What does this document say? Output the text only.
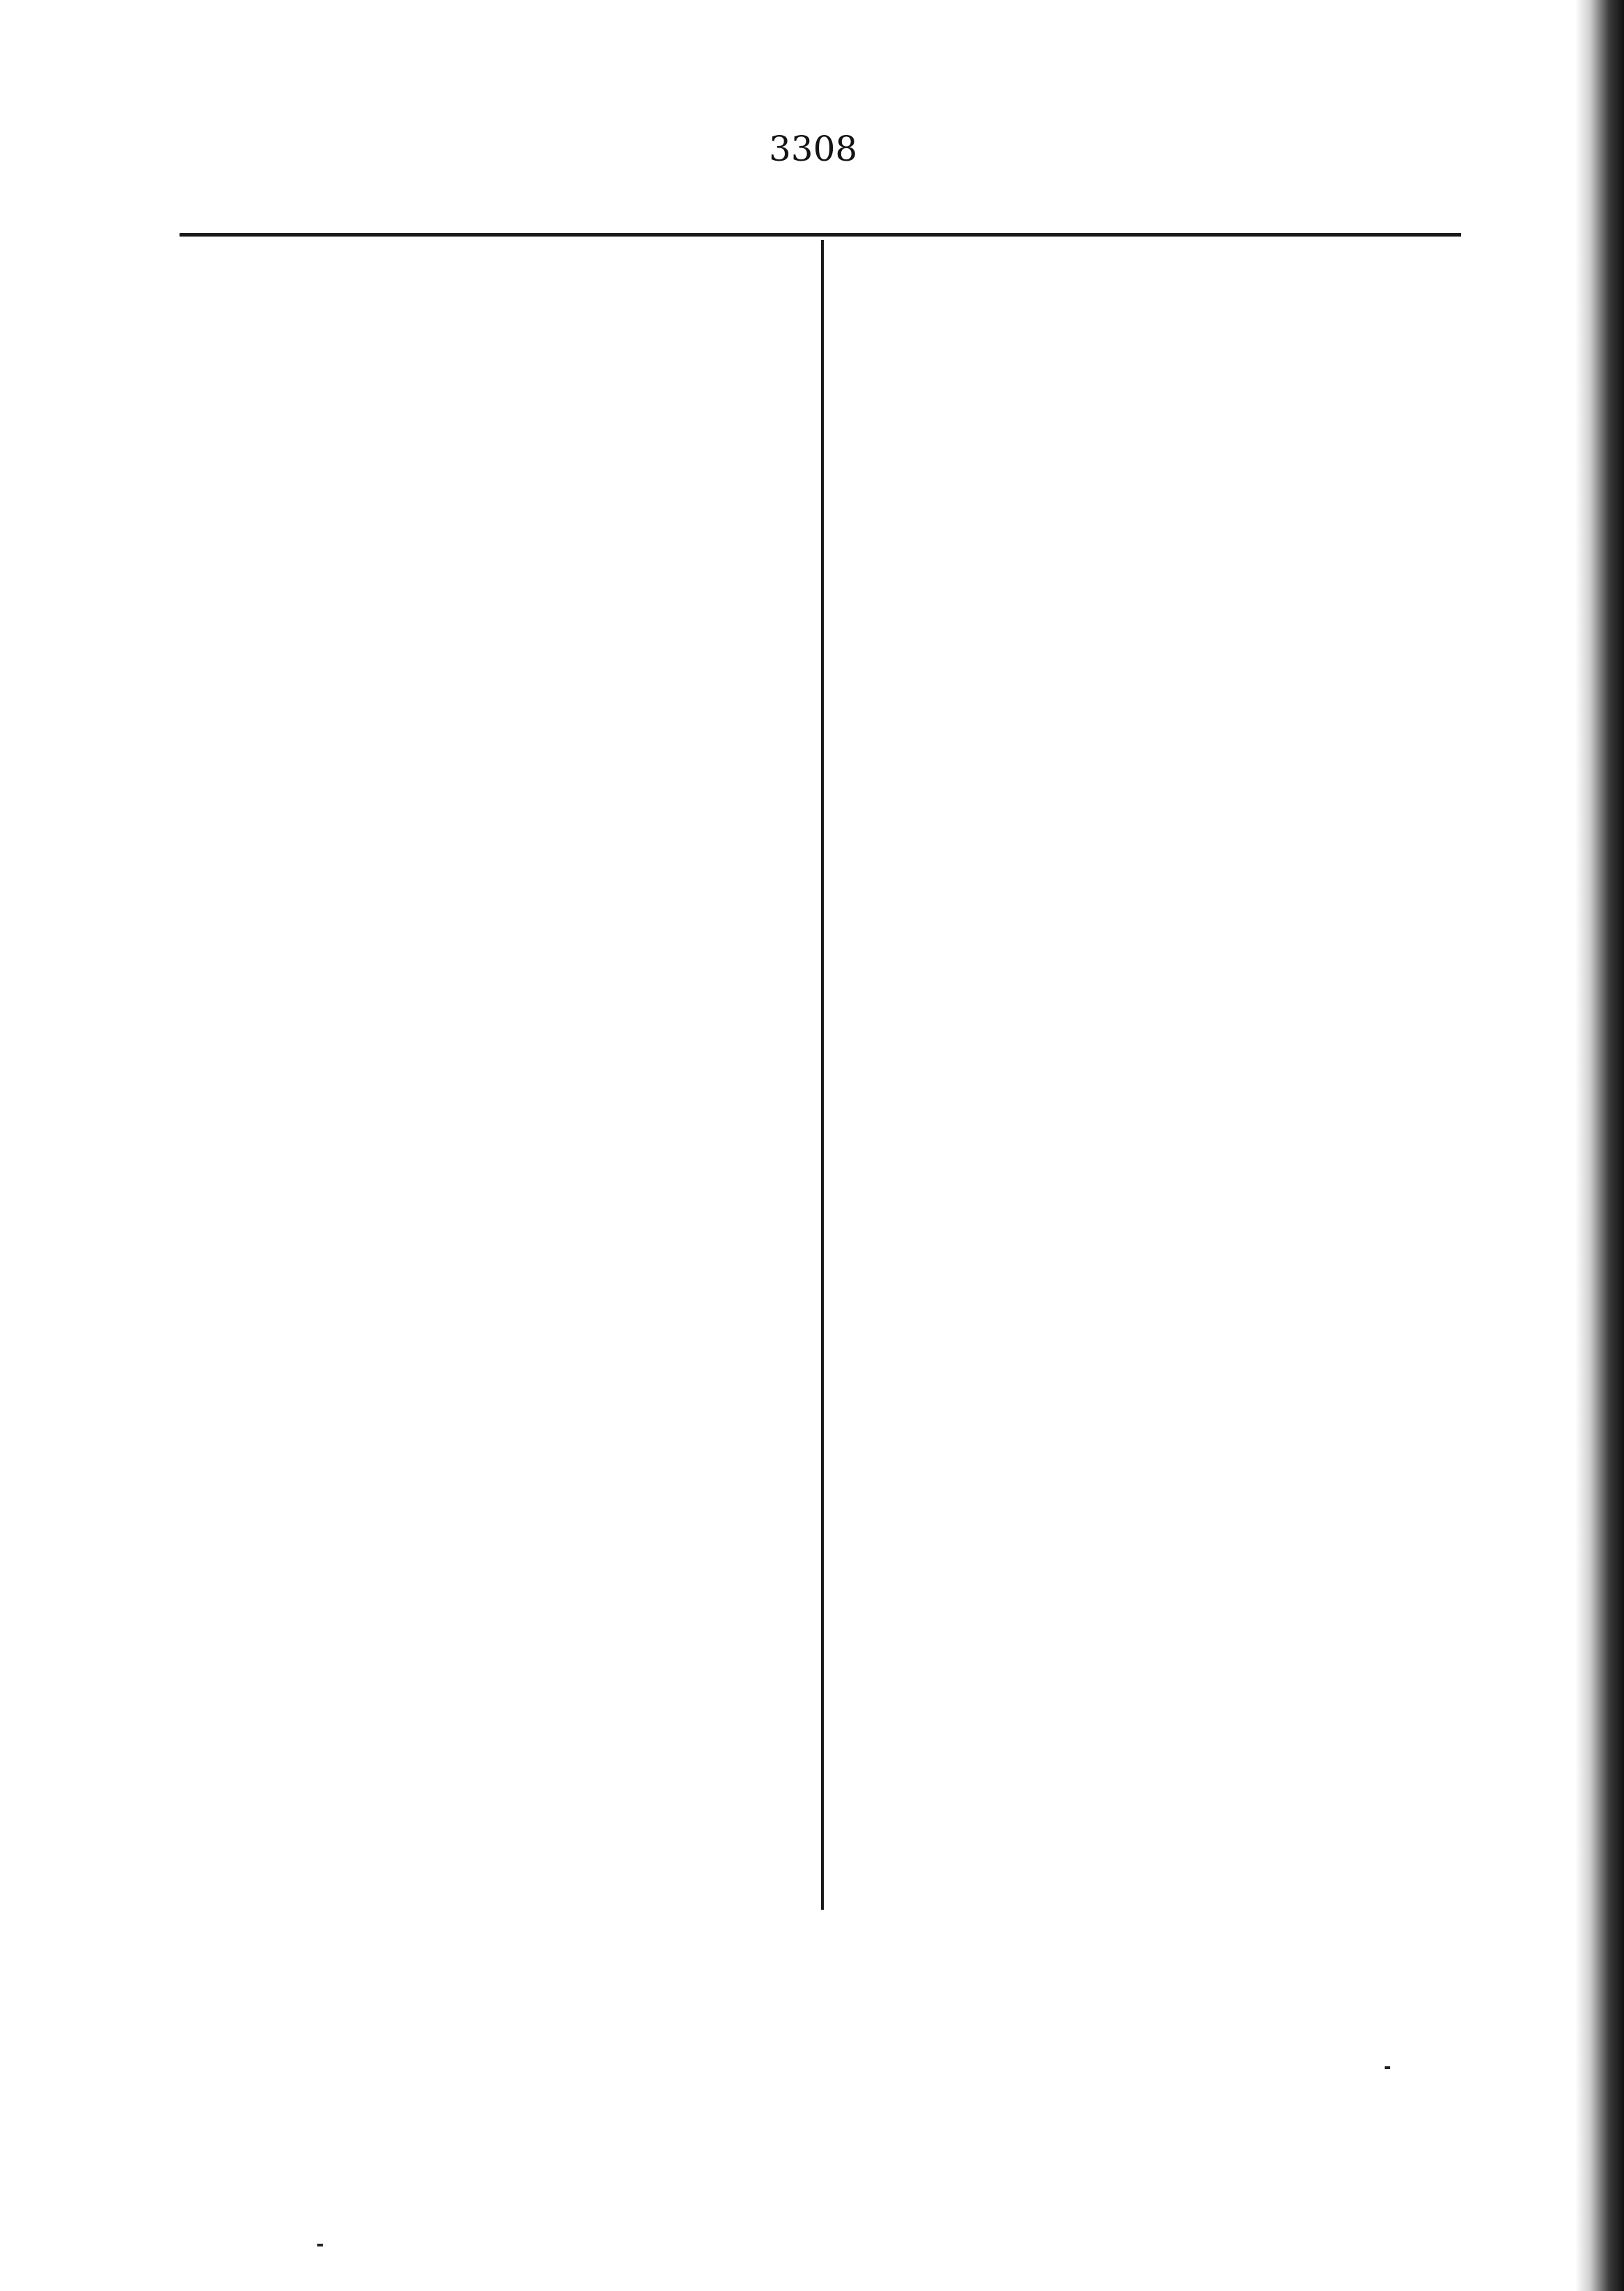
3308
